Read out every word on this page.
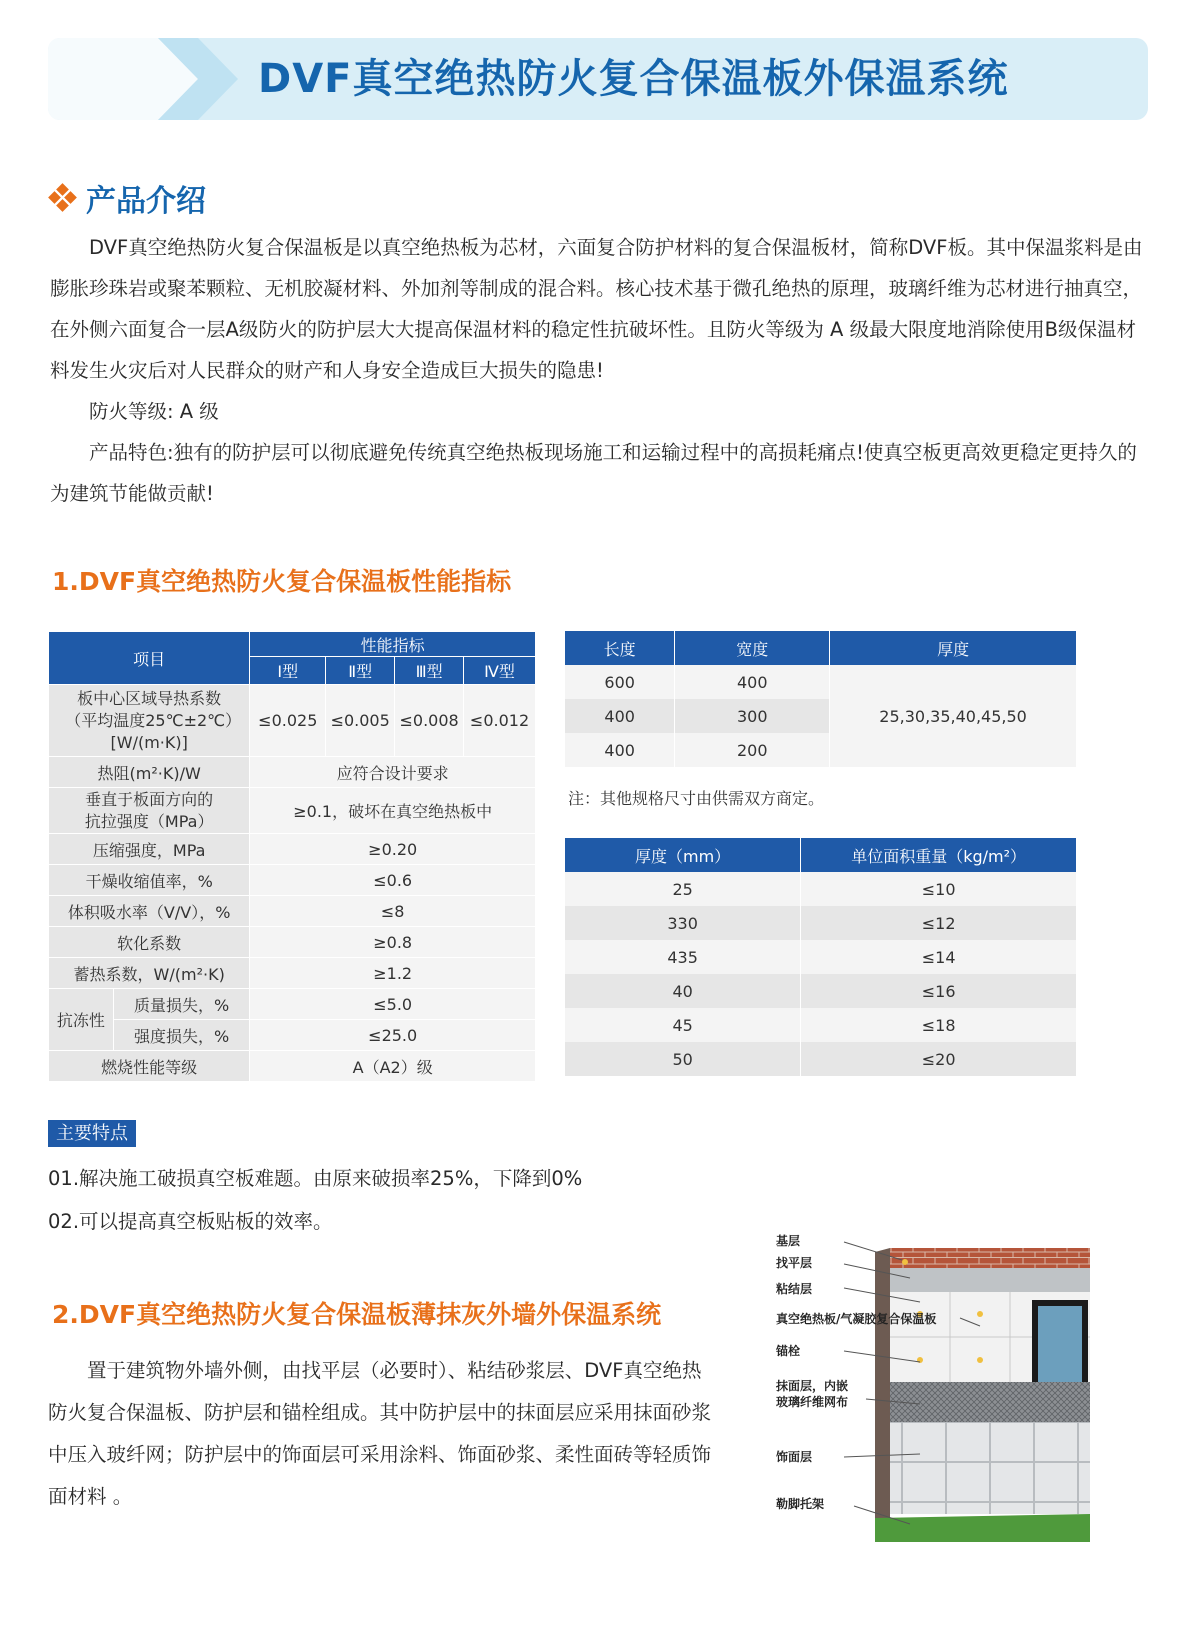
DVF真空绝热防火复合保温板外保温系统
产品介绍

DVF真空绝热防火复合保温板是以真空绝热板为芯材，六面复合防护材料的复合保温板材，简称DVF板。其中保温浆料是由膨胀珍珠岩或聚苯颗粒、无机胶凝材料、外加剂等制成的混合料。核心技术基于微孔绝热的原理，玻璃纤维为芯材进行抽真空，在外侧六面复合一层A级防火的防护层大大提高保温材料的稳定性抗破坏性。且防火等级为 A 级最大限度地消除使用B级保温材料发生火灾后对人民群众的财产和人身安全造成巨大损失的隐患!

防火等级: A 级

产品特色:独有的防护层可以彻底避免传统真空绝热板现场施工和运输过程中的高损耗痛点!使真空板更高效更稳定更持久的为建筑节能做贡献!

1.DVF真空绝热防火复合保温板性能指标
项目		性能指标			
		Ⅰ型	Ⅱ型	Ⅲ型	Ⅳ型
板中心区域导热系数（平均温度25℃±2℃）[W/(m·K)]		≤0.025	≤0.005	≤0.008	≤0.012
热阻(m²·K)/W		应符合设计要求			
垂直于板面方向的抗拉强度（MPa）		≥0.1，破坏在真空绝热板中			
压缩强度，MPa		≥0.20			
干燥收缩值率，%		≤0.6			
体积吸水率（V/V），%		≤8			
软化系数		≥0.8			
蓄热系数，W/(m²·K)		≥1.2			
抗冻性	质量损失，%	≤5.0			
	强度损失，%	≤25.0			
燃烧性能等级		A（A2）级			
长度	宽度	厚度
600	400	25,30,35,40,45,50
400	300	
400	200	
注：其他规格尺寸由供需双方商定。
厚度（mm）	单位面积重量（kg/m²）
25	≤10
330	≤12
435	≤14
40	≤16
45	≤18
50	≤20
主要特点
01.解决施工破损真空板难题。由原来破损率25%，下降到0%
02.可以提高真空板贴板的效率。
2.DVF真空绝热防火复合保温板薄抹灰外墙外保温系统

置于建筑物外墙外侧，由找平层（必要时）、粘结砂浆层、DVF真空绝热防火复合保温板、防护层和锚栓组成。其中防护层中的抹面层应采用抹面砂浆中压入玻纤网；防护层中的饰面层可采用涂料、饰面砂浆、柔性面砖等轻质饰面材料 。

基层
找平层
粘结层
真空绝热板/气凝胶复合保温板
锚栓
抹面层，内嵌
玻璃纤维网布
饰面层
勒脚托架
